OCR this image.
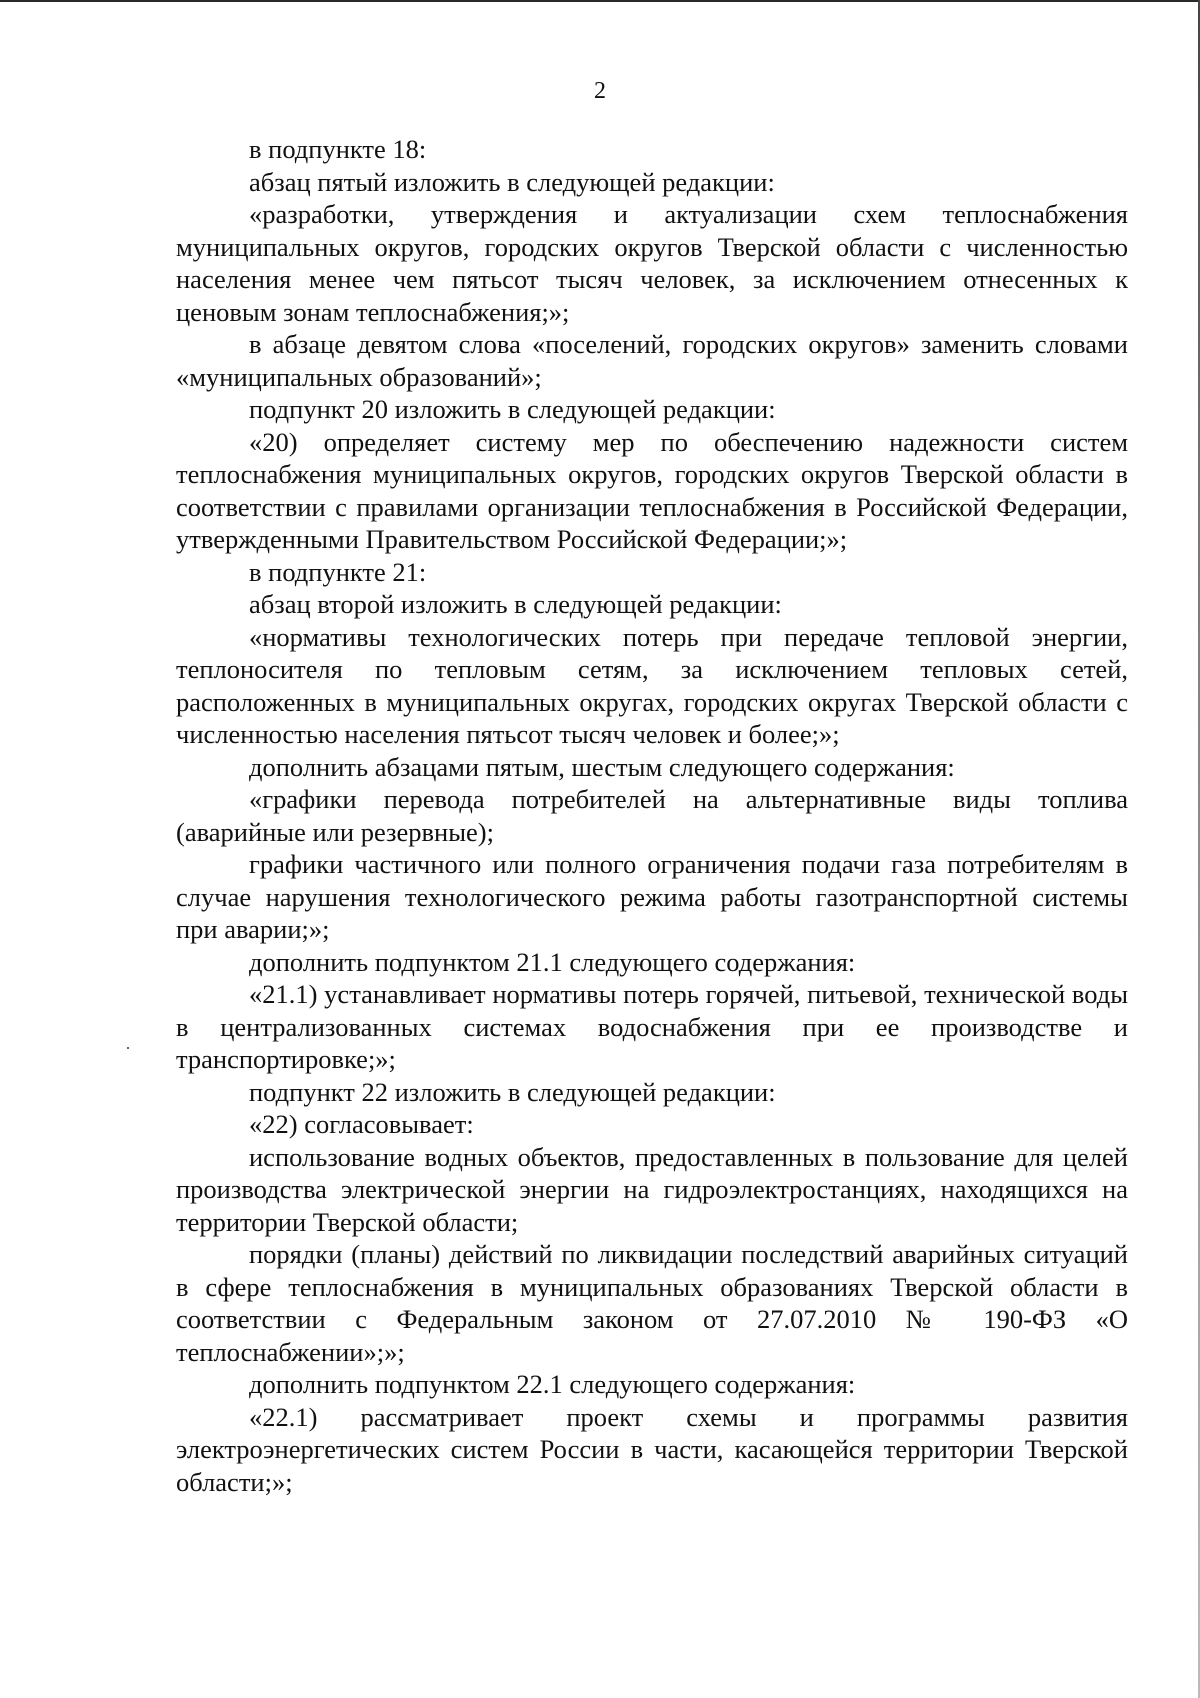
2

в подпункте 18:

абзац пятый изложить в следующей редакции:

«разработки, утверждения и актуализации схем теплоснабжения муниципальных округов, городских округов Тверской области с численностью населения менее чем пятьсот тысяч человек, за исключением отнесенных к ценовым зонам теплоснабжения;»;

в абзаце девятом слова «поселений, городских округов» заменить словами «муниципальных образований»;

подпункт 20 изложить в следующей редакции:

«20) определяет систему мер по обеспечению надежности систем теплоснабжения муниципальных округов, городских округов Тверской области в соответствии с правилами организации теплоснабжения в Российской Федерации, утвержденными Правительством Российской Федерации;»;

в подпункте 21:

абзац второй изложить в следующей редакции:

«нормативы технологических потерь при передаче тепловой энергии, теплоносителя по тепловым сетям, за исключением тепловых сетей, расположенных в муниципальных округах, городских округах Тверской области с численностью населения пятьсот тысяч человек и более;»;

дополнить абзацами пятым, шестым следующего содержания:

«графики перевода потребителей на альтернативные виды топлива (аварийные или резервные);

графики частичного или полного ограничения подачи газа потребителям в случае нарушения технологического режима работы газотранспортной системы при аварии;»;

дополнить подпунктом 21.1 следующего содержания:

«21.1) устанавливает нормативы потерь горячей, питьевой, технической воды в централизованных системах водоснабжения при ее производстве и транспортировке;»;

подпункт 22 изложить в следующей редакции:

«22) согласовывает:

использование водных объектов, предоставленных в пользование для целей производства электрической энергии на гидроэлектростанциях, находящихся на территории Тверской области;

порядки (планы) действий по ликвидации последствий аварийных ситуаций в сфере теплоснабжения в муниципальных образованиях Тверской области в соответствии с Федеральным законом от 27.07.2010 № 190-ФЗ «О теплоснабжении»;»;

дополнить подпунктом 22.1 следующего содержания:

«22.1) рассматривает проект схемы и программы развития электроэнергетических систем России в части, касающейся территории Тверской области;»;
